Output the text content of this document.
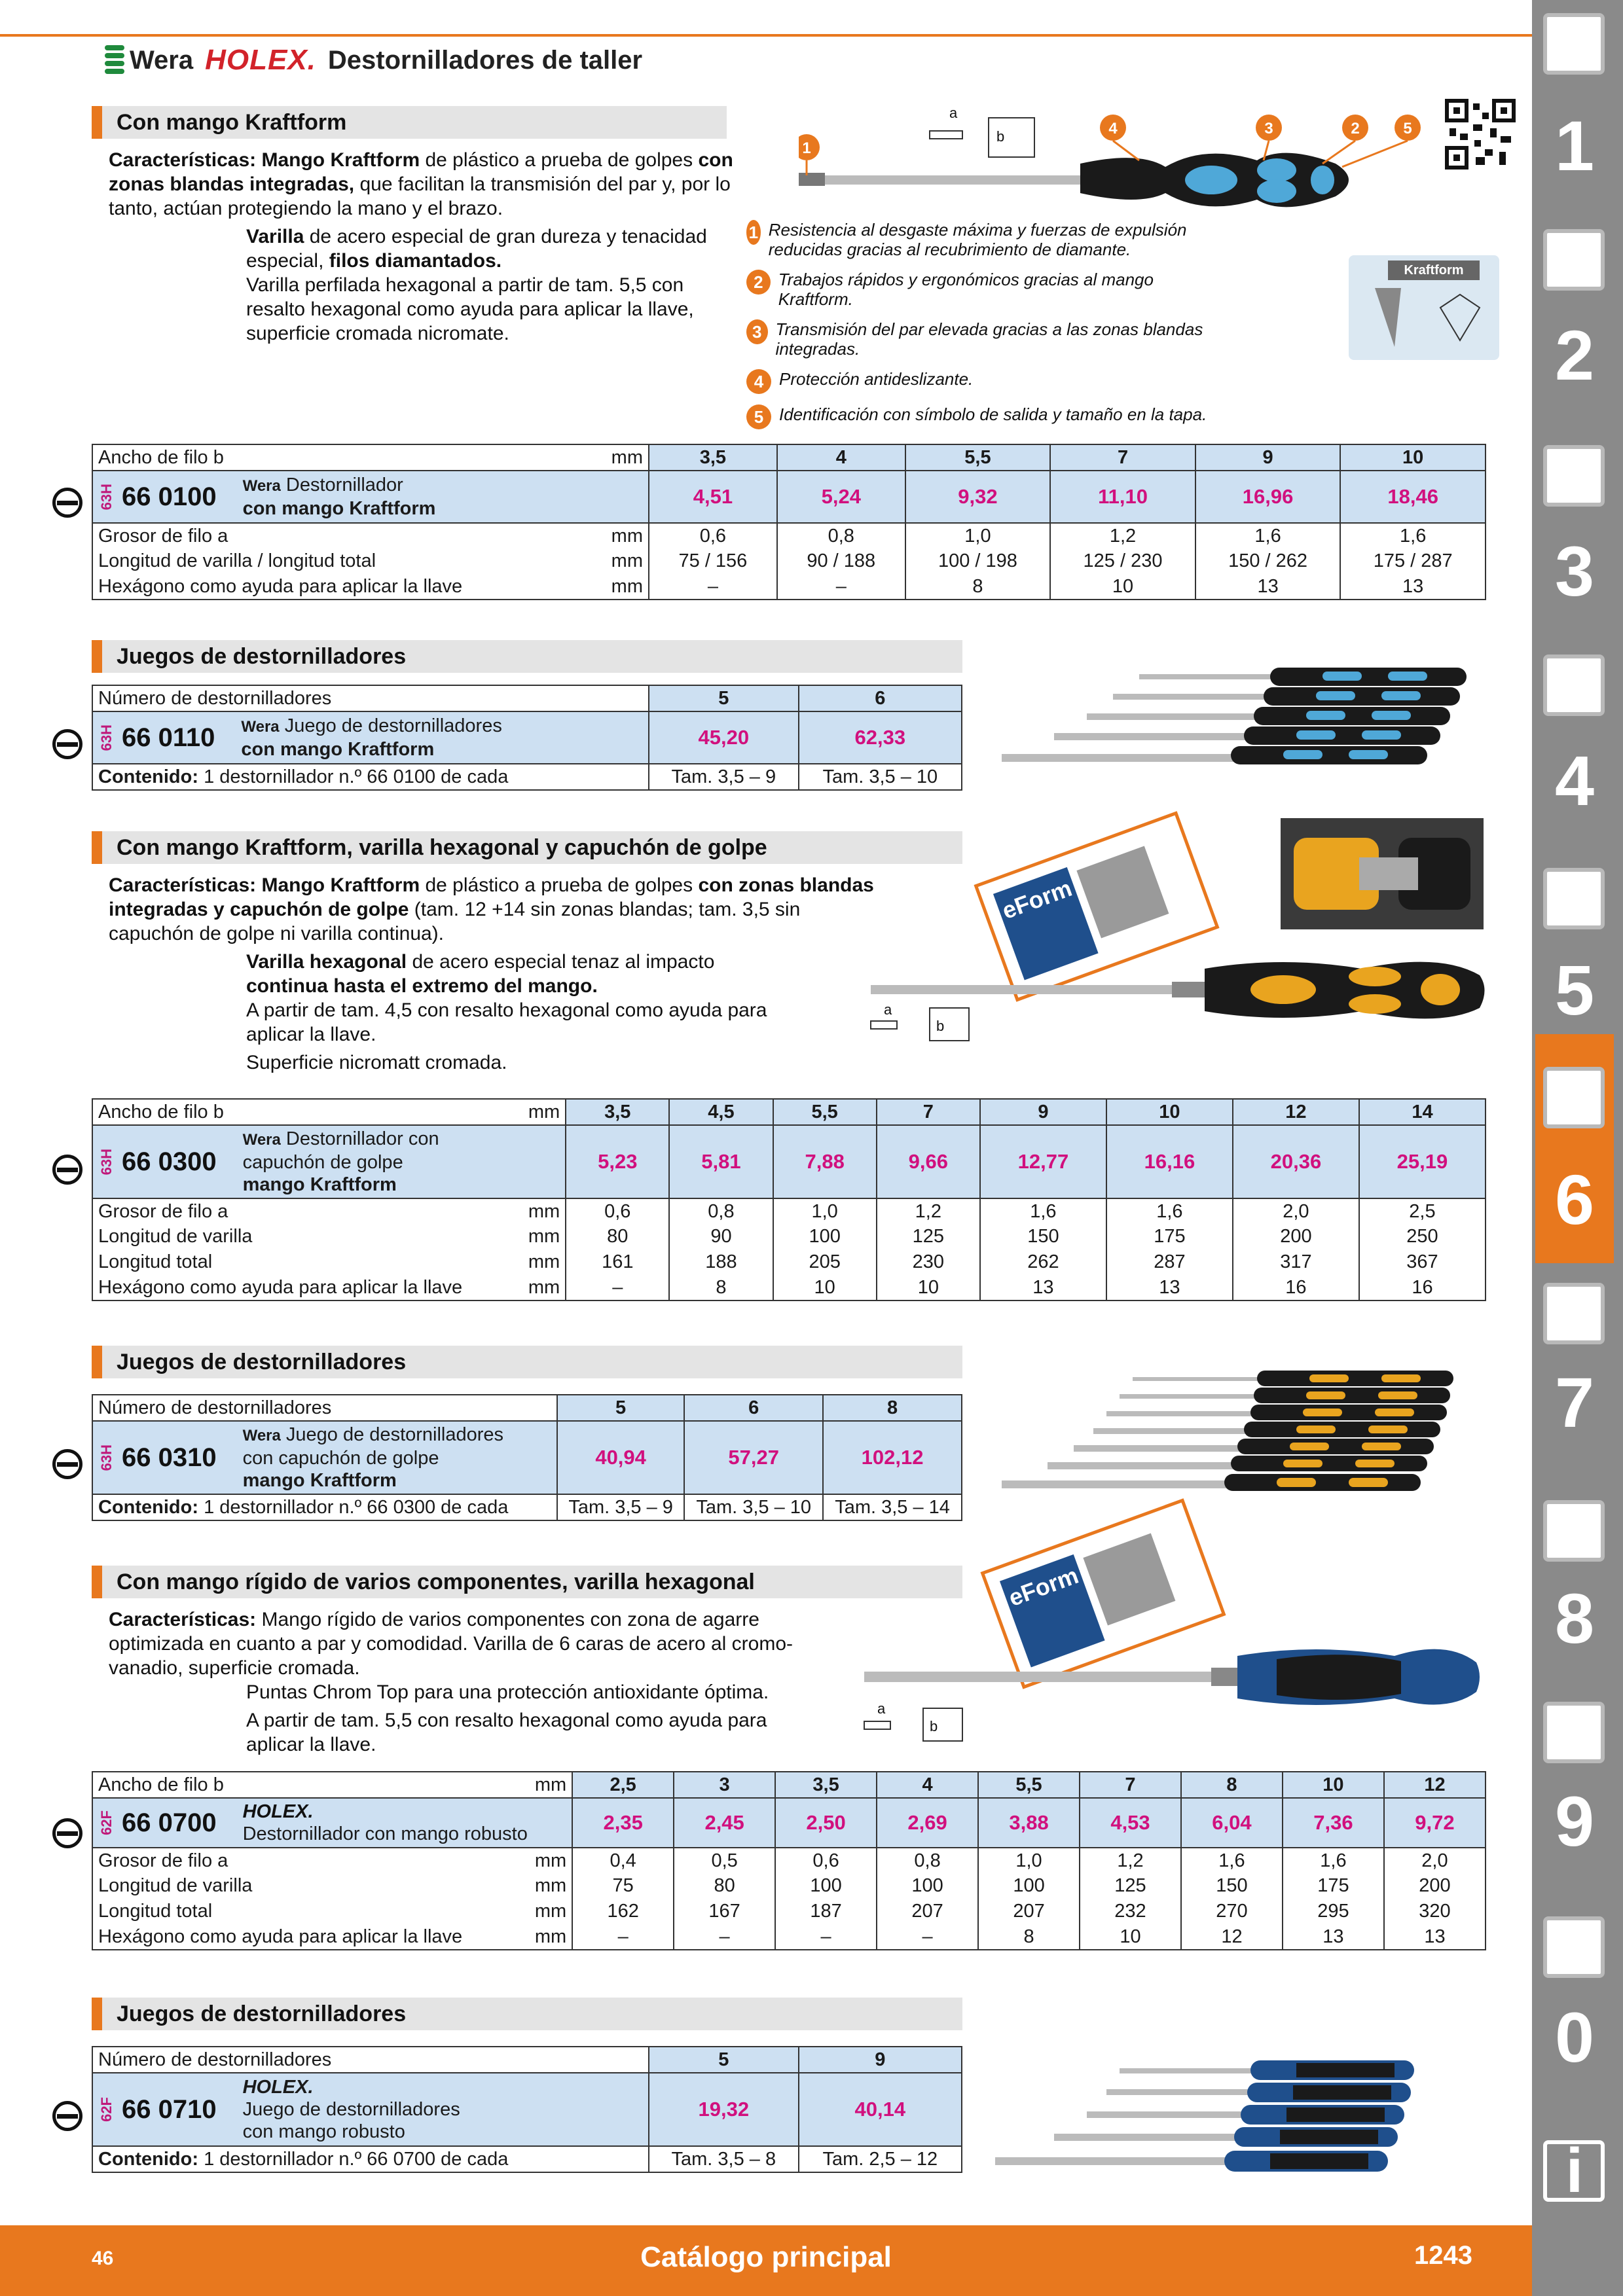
Wera HOLEX. Destornilladores de taller
Con mango Kraftform

Características: Mango Kraftform de plástico a prueba de golpes con zonas blandas integradas, que facilitan la transmisión del par y, por lo tanto, actúan protegiendo la mano y el brazo.

Varilla de acero especial de gran dureza y tenacidad especial, filos diamantados.
Varilla perfilada hexagonal a partir de tam. 5,5 con resalto hexagonal como ayuda para aplicar la llave, superficie cromada nicromate.

1
4	3	2	5
a
b
1 Resistencia al desgaste máxima y fuerzas de expulsión reducidas gracias al recubrimiento de diamante.
2 Trabajos rápidos y ergonómicos gracias al mango Kraftform.
3 Transmisión del par elevada gracias a las zonas blandas integradas.
4 Protección antideslizante.
5 Identificación con símbolo de salida y tamaño en la tapa.
Kraftform
Ancho de filo b	mm	3,5	4	5,5	7	9	10

63H 66 0100 Wera Destornillador
con mango Kraftform		4,51	5,24	9,32	11,10	16,96	18,46
Grosor de filo a	mm	0,6	0,8	1,0	1,2	1,6	1,6
Longitud de varilla / longitud total	mm	75 / 156	90 / 188	100 / 198	125 / 230	150 / 262	175 / 287
Hexágono como ayuda para aplicar la llave	mm	–	–	8	10	13	13
Juegos de destornilladores
Número de destornilladores	5	6

63H 66 0110 Wera Juego de destornilladores
con mango Kraftform	45,20	62,33
Contenido: 1 destornillador n.º 66 0100 de cada	Tam. 3,5 – 9	Tam. 3,5 – 10
Con mango Kraftform, varilla hexagonal y capuchón de golpe

Características: Mango Kraftform de plástico a prueba de golpes con zonas blandas integradas y capuchón de golpe (tam. 12 +14 sin zonas blandas; tam. 3,5 sin capuchón de golpe ni varilla continua).

Varilla hexagonal de acero especial tenaz al impacto continua hasta el extremo del mango.
A partir de tam. 4,5 con resalto hexagonal como ayuda para aplicar la llave.

Superficie nicromatt cromada.

eForm
a
b
Ancho de filo b	mm	3,5	4,5	5,5	7	9	10	12	14

63H 66 0300
Wera Destornillador con
capuchón de golpe
mango Kraftform		5,23	5,81	7,88	9,66	12,77	16,16	20,36	25,19
Grosor de filo a	mm	0,6	0,8	1,0	1,2	1,6	1,6	2,0	2,5
Longitud de varilla	mm	80	90	100	125	150	175	200	250
Longitud total	mm	161	188	205	230	262	287	317	367
Hexágono como ayuda para aplicar la llave	mm	–	8	10	10	13	13	16	16
Juegos de destornilladores
Número de destornilladores	5	6	8

63H 66 0310
Wera Juego de destornilladores
con capuchón de golpe
mango Kraftform	40,94	57,27	102,12
Contenido: 1 destornillador n.º 66 0300 de cada	Tam. 3,5 – 9	Tam. 3,5 – 10	Tam. 3,5 – 14
Con mango rígido de varios componentes, varilla hexagonal

Características: Mango rígido de varios componentes con zona de agarre optimizada en cuanto a par y comodidad. Varilla de 6 caras de acero al cromo-vanadio, superficie cromada.
Puntas Chrom Top para una protección antioxidante óptima.

A partir de tam. 5,5 con resalto hexagonal como ayuda para aplicar la llave.

eForm
a
b
Ancho de filo b	mm	2,5	3	3,5	4	5,5	7	8	10	12

62F 66 0700 HOLEX.
Destornillador con mango robusto		2,35	2,45	2,50	2,69	3,88	4,53	6,04	7,36	9,72
Grosor de filo a	mm	0,4	0,5	0,6	0,8	1,0	1,2	1,6	1,6	2,0
Longitud de varilla	mm	75	80	100	100	100	125	150	175	200
Longitud total	mm	162	167	187	207	207	232	270	295	320
Hexágono como ayuda para aplicar la llave	mm	–	–	–	–	8	10	12	13	13
Juegos de destornilladores
Número de destornilladores	5	9

62F 66 0710
HOLEX.
Juego de destornilladores
con mango robusto	19,32	40,14
Contenido: 1 destornillador n.º 66 0700 de cada	Tam. 3,5 – 8	Tam. 2,5 – 12
1
2
3
4
5
6
7
8
9
0
i
46	Catálogo principal	1243
